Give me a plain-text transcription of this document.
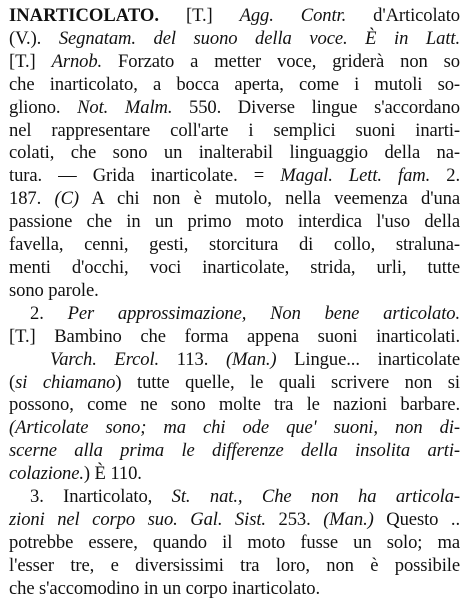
INARTICOLATO. [T.] Agg. Contr. d'Articolato
(V.). Segnatam. del suono della voce. È in Latt.
[T.] Arnob. Forzato a metter voce, griderà non so
che inarticolato, a bocca aperta, come i mutoli so-
gliono. Not. Malm. 550. Diverse lingue s'accordano
nel rappresentare coll'arte i semplici suoni inarti-
colati, che sono un inalterabil linguaggio della na-
tura. — Grida inarticolate. = Magal. Lett. fam. 2.
187. (C) A chi non è mutolo, nella veemenza d'una
passione che in un primo moto interdica l'uso della
favella, cenni, gesti, storcitura di collo, straluna-
menti d'occhi, voci inarticolate, strida, urli, tutte
sono parole.
2. Per approssimazione, Non bene articolato.
[T.] Bambino che forma appena suoni inarticolati.
Varch. Ercol. 113. (Man.) Lingue... inarticolate
(si chiamano) tutte quelle, le quali scrivere non si
possono, come ne sono molte tra le nazioni barbare.
(Articolate sono; ma chi ode que' suoni, non di-
scerne alla prima le differenze della insolita arti-
colazione.) È 110.
3. Inarticolato, St. nat., Che non ha articola-
zioni nel corpo suo. Gal. Sist. 253. (Man.) Questo ..
potrebbe essere, quando il moto fusse un solo; ma
l'esser tre, e diversissimi tra loro, non è possibile
che s'accomodino in un corpo inarticolato.
